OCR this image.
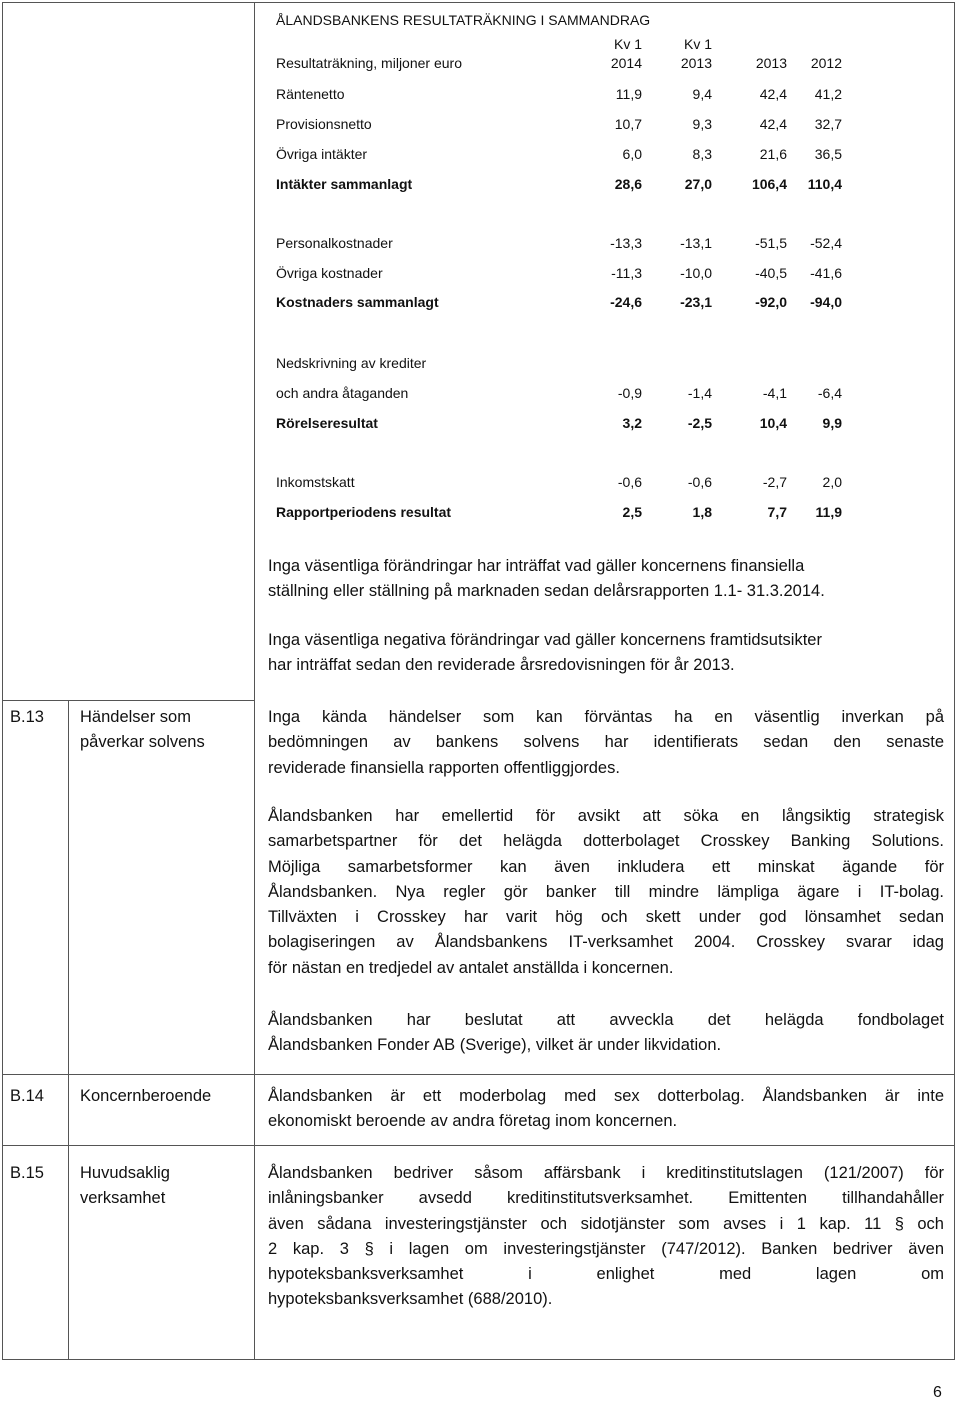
ÅLANDSBANKENS RESULTATRÄKNING I SAMMANDRAG
Kv 1	Kv 1
Resultaträkning, miljoner euro	2014	2013	2013	2012
Räntenetto	11,9	9,4	42,4	41,2
Provisionsnetto	10,7	9,3	42,4	32,7
Övriga intäkter	6,0	8,3	21,6	36,5
Intäkter sammanlagt	28,6	27,0	106,4	110,4
Personalkostnader	-13,3	-13,1	-51,5	-52,4
Övriga kostnader	-11,3	-10,0	-40,5	-41,6
Kostnaders sammanlagt	-24,6	-23,1	-92,0	-94,0
Nedskrivning av krediter
och andra åtaganden	-0,9	-1,4	-4,1	-6,4
Rörelseresultat	3,2	-2,5	10,4	9,9
Inkomstskatt	-0,6	-0,6	-2,7	2,0
Rapportperiodens resultat	2,5	1,8	7,7	11,9
Inga väsentliga förändringar har inträffat vad gäller koncernens finansiella
ställning eller ställning på marknaden sedan delårsrapporten 1.1- 31.3.2014.
Inga väsentliga negativa förändringar vad gäller koncernens framtidsutsikter
har inträffat sedan den reviderade årsredovisningen för år 2013.
B.13 Händelser som
påverkar solvens
Inga kända händelser som kan förväntas ha en väsentlig inverkan på
bedömningen av bankens solvens har identifierats sedan den senaste
reviderade finansiella rapporten offentliggjordes.
Ålandsbanken har emellertid för avsikt att söka en långsiktig strategisk
samarbetspartner för det helägda dotterbolaget Crosskey Banking Solutions.
Möjliga samarbetsformer kan även inkludera ett minskat ägande för
Ålandsbanken. Nya regler gör banker till mindre lämpliga ägare i IT-bolag.
Tillväxten i Crosskey har varit hög och skett under god lönsamhet sedan
bolagiseringen av Ålandsbankens IT-verksamhet 2004. Crosskey svarar idag
för nästan en tredjedel av antalet anställda i koncernen.
Ålandsbanken har beslutat att avveckla det helägda fondbolaget
Ålandsbanken Fonder AB (Sverige), vilket är under likvidation.
B.14 Koncernberoende	Ålandsbanken är ett moderbolag med sex dotterbolag. Ålandsbanken är inte
ekonomiskt beroende av andra företag inom koncernen.
B.15 Huvudsaklig
verksamhet
Ålandsbanken bedriver såsom affärsbank i kreditinstitutslagen (121/2007) för
inlåningsbanker avsedd kreditinstitutsverksamhet. Emittenten tillhandahåller
även sådana investeringstjänster och sidotjänster som avses i 1 kap. 11 § och
2 kap. 3 § i lagen om investeringstjänster (747/2012). Banken bedriver även
hypoteksbanksverksamhet i enlighet med lagen om
hypoteksbanksverksamhet (688/2010).
6
